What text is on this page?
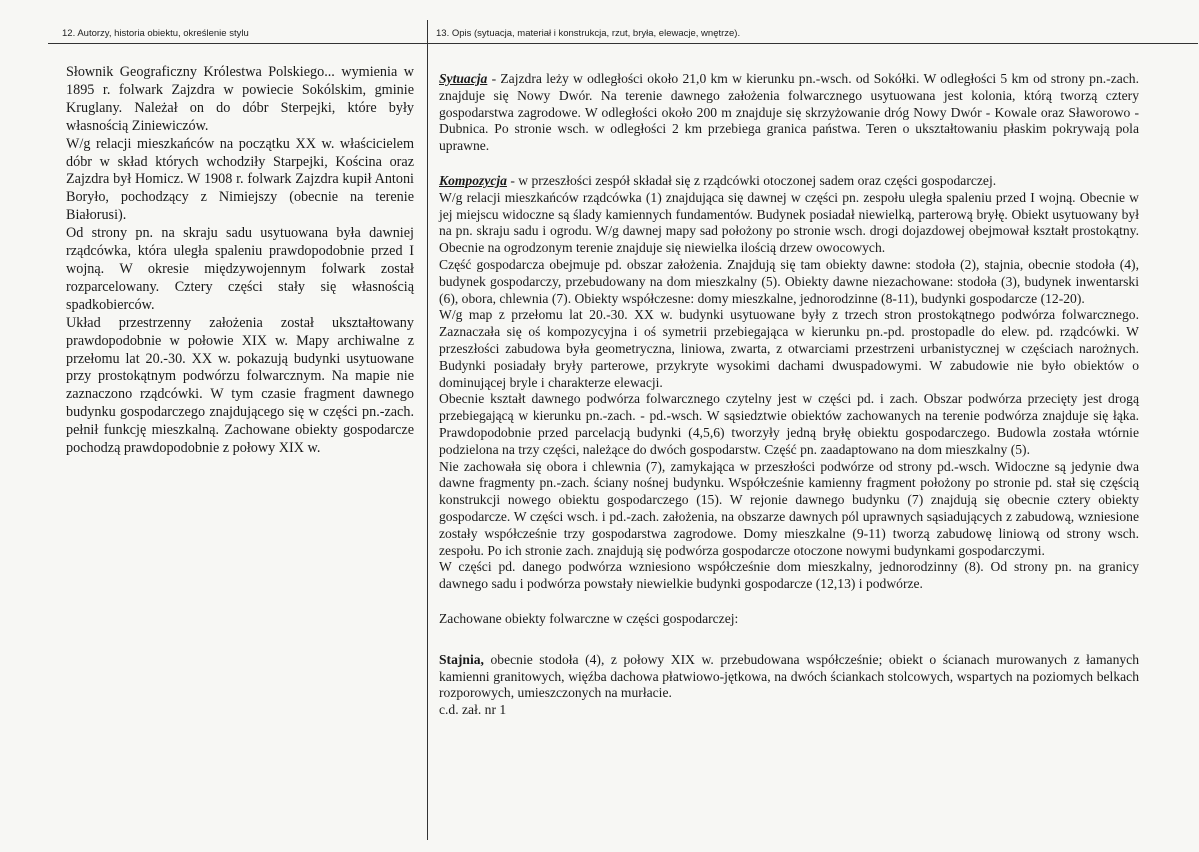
12. Autorzy, historia obiektu, określenie stylu	13. Opis (sytuacja, materiał i konstrukcja, rzut, bryła, elewacje, wnętrze).

Słownik Geograficzny Królestwa Polskiego... wymienia w 1895 r. folwark Zajzdra w powiecie Sokólskim, gminie Kruglany. Należał on do dóbr Sterpejki, które były własnością Ziniewiczów.

W/g relacji mieszkańców na początku XX w. właścicielem dóbr w skład których wchodziły Starpejki, Kościna oraz Zajzdra był Homicz. W 1908 r. folwark Zajzdra kupił Antoni Boryło, pochodzący z Nimiejszy (obecnie na terenie Białorusi).

Od strony pn. na skraju sadu usytuowana była dawniej rządcówka, która uległa spaleniu prawdopodobnie przed I wojną. W okresie międzywojennym folwark został rozparcelowany. Cztery części stały się własnością spadkobierców.

Układ przestrzenny założenia został ukształtowany prawdopodobnie w połowie XIX w. Mapy archiwalne z przełomu lat 20.-30. XX w. pokazują budynki usytuowane przy prostokątnym podwórzu folwarcznym. Na mapie nie zaznaczono rządcówki. W tym czasie fragment dawnego budynku gospodarczego znajdującego się w części pn.-zach. pełnił funkcję mieszkalną. Zachowane obiekty gospodarcze pochodzą prawdopodobnie z połowy XIX w.

Sytuacja - Zajzdra leży w odległości około 21,0 km w kierunku pn.-wsch. od Sokółki. W odległości 5 km od strony pn.-zach. znajduje się Nowy Dwór. Na terenie dawnego założenia folwarcznego usytuowana jest kolonia, którą tworzą cztery gospodarstwa zagrodowe. W odległości około 200 m znajduje się skrzyżowanie dróg Nowy Dwór - Kowale oraz Sławorowo - Dubnica. Po stronie wsch. w odległości 2 km przebiega granica państwa. Teren o ukształtowaniu płaskim pokrywają pola uprawne.

Kompozycja - w przeszłości zespół składał się z rządcówki otoczonej sadem oraz części gospodarczej.

W/g relacji mieszkańców rządcówka (1) znajdująca się dawnej w części pn. zespołu uległa spaleniu przed I wojną. Obecnie w jej miejscu widoczne są ślady kamiennych fundamentów. Budynek posiadał niewielką, parterową bryłę. Obiekt usytuowany był na pn. skraju sadu i ogrodu. W/g dawnej mapy sad położony po stronie wsch. drogi dojazdowej obejmował kształt prostokątny. Obecnie na ogrodzonym terenie znajduje się niewielka ilością drzew owocowych.

Część gospodarcza obejmuje pd. obszar założenia. Znajdują się tam obiekty dawne: stodoła (2), stajnia, obecnie stodoła (4), budynek gospodarczy, przebudowany na dom mieszkalny (5). Obiekty dawne niezachowane: stodoła (3), budynek inwentarski (6), obora, chlewnia (7). Obiekty współczesne: domy mieszkalne, jednorodzinne (8-11), budynki gospodarcze (12-20).

W/g map z przełomu lat 20.-30. XX w. budynki usytuowane były z trzech stron prostokątnego podwórza folwarcznego. Zaznaczała się oś kompozycyjna i oś symetrii przebiegająca w kierunku pn.-pd. prostopadle do elew. pd. rządcówki. W przeszłości zabudowa była geometryczna, liniowa, zwarta, z otwarciami przestrzeni urbanistycznej w częściach narożnych. Budynki posiadały bryły parterowe, przykryte wysokimi dachami dwuspadowymi. W zabudowie nie było obiektów o dominującej bryle i charakterze elewacji.

Obecnie kształt dawnego podwórza folwarcznego czytelny jest w części pd. i zach. Obszar podwórza przecięty jest drogą przebiegającą w kierunku pn.-zach. - pd.-wsch. W sąsiedztwie obiektów zachowanych na terenie podwórza znajduje się łąka. Prawdopodobnie przed parcelacją budynki (4,5,6) tworzyły jedną bryłę obiektu gospodarczego. Budowla została wtórnie podzielona na trzy części, należące do dwóch gospodarstw. Część pn. zaadaptowano na dom mieszkalny (5).

Nie zachowała się obora i chlewnia (7), zamykająca w przeszłości podwórze od strony pd.-wsch. Widoczne są jedynie dwa dawne fragmenty pn.-zach. ściany nośnej budynku. Współcześnie kamienny fragment położony po stronie pd. stał się częścią konstrukcji nowego obiektu gospodarczego (15). W rejonie dawnego budynku (7) znajdują się obecnie cztery obiekty gospodarcze. W części wsch. i pd.-zach. założenia, na obszarze dawnych pól uprawnych sąsiadujących z zabudową, wzniesione zostały współcześnie trzy gospodarstwa zagrodowe. Domy mieszkalne (9-11) tworzą zabudowę liniową od strony wsch. zespołu. Po ich stronie zach. znajdują się podwórza gospodarcze otoczone nowymi budynkami gospodarczymi.

W części pd. danego podwórza wzniesiono współcześnie dom mieszkalny, jednorodzinny (8). Od strony pn. na granicy dawnego sadu i podwórza powstały niewielkie budynki gospodarcze (12,13) i podwórze.

Zachowane obiekty folwarczne w części gospodarczej:

Stajnia, obecnie stodoła (4), z połowy XIX w. przebudowana współcześnie; obiekt o ścianach murowanych z łamanych kamienni granitowych, więźba dachowa płatwiowo-jętkowa, na dwóch ściankach stolcowych, wspartych na poziomych belkach rozporowych, umieszczonych na murłacie.

c.d. zał. nr 1
